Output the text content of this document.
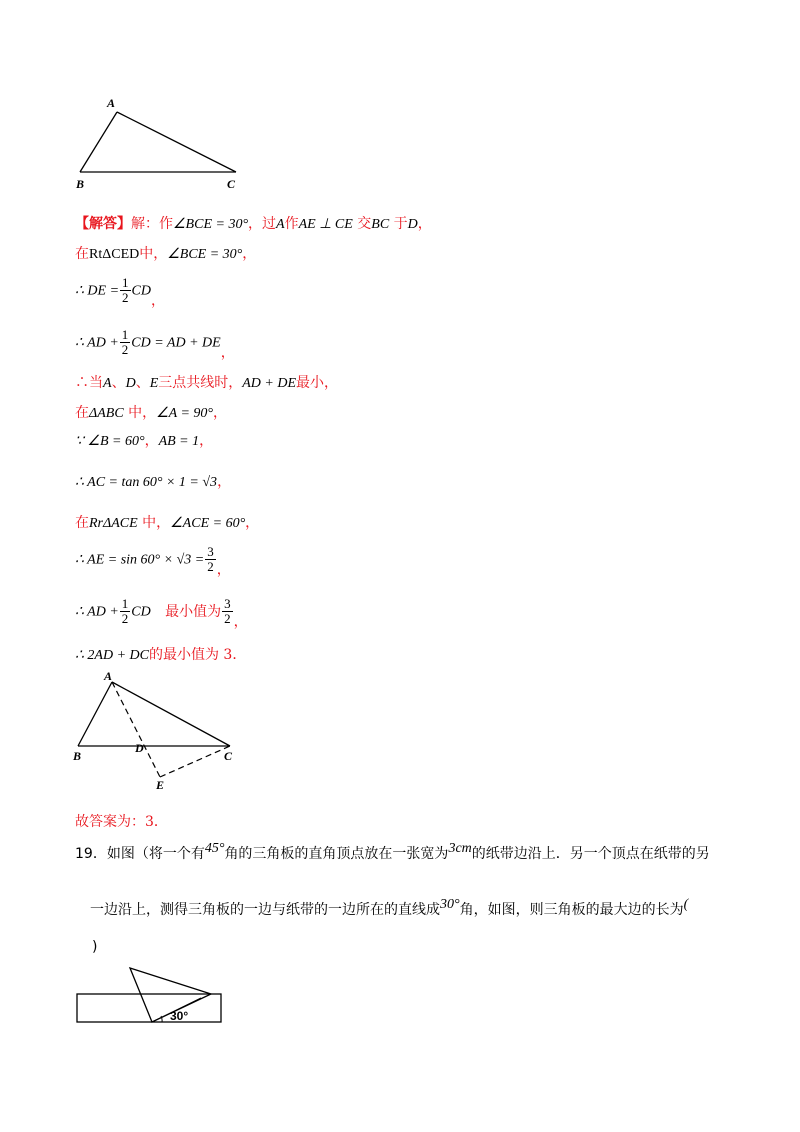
A
B	C
【解答】解：作∠BCE = 30°，过A作AE ⊥ CE 交BC 于D，
在RtΔCED中，∠BCE = 30°，
∴ DE = $\frac{1}{2}$ CD，
∴ AD + $\frac{1}{2}$ CD = AD + DE，
∴当A、D、E三点共线时，AD + DE最小，
在ΔABC 中，∠A = 90°，
∵ ∠B = 60°，AB = 1，
∴ AC = tan 60° × 1 = √3，
在RrΔACE 中，∠ACE = 60°，
∴ AE = $\sin 60^\circ \times √3 = \frac{3}{2}$ ，
∴ AD + $\frac{1}{2}$ CD 最小值为 $\frac{3}{2}$ ，
∴ 2AD + DC的最小值为 3．
A
B
D
C
E
故答案为：3．
19．如图（将一个有45°角的三角板的直角顶点放在一张宽为3cm的纸带边沿上．另一个顶点在纸带的另
一边沿上，测得三角板的一边与纸带的一边所在的直线成30°角，如图，则三角板的最大边的长为(
)
30°
